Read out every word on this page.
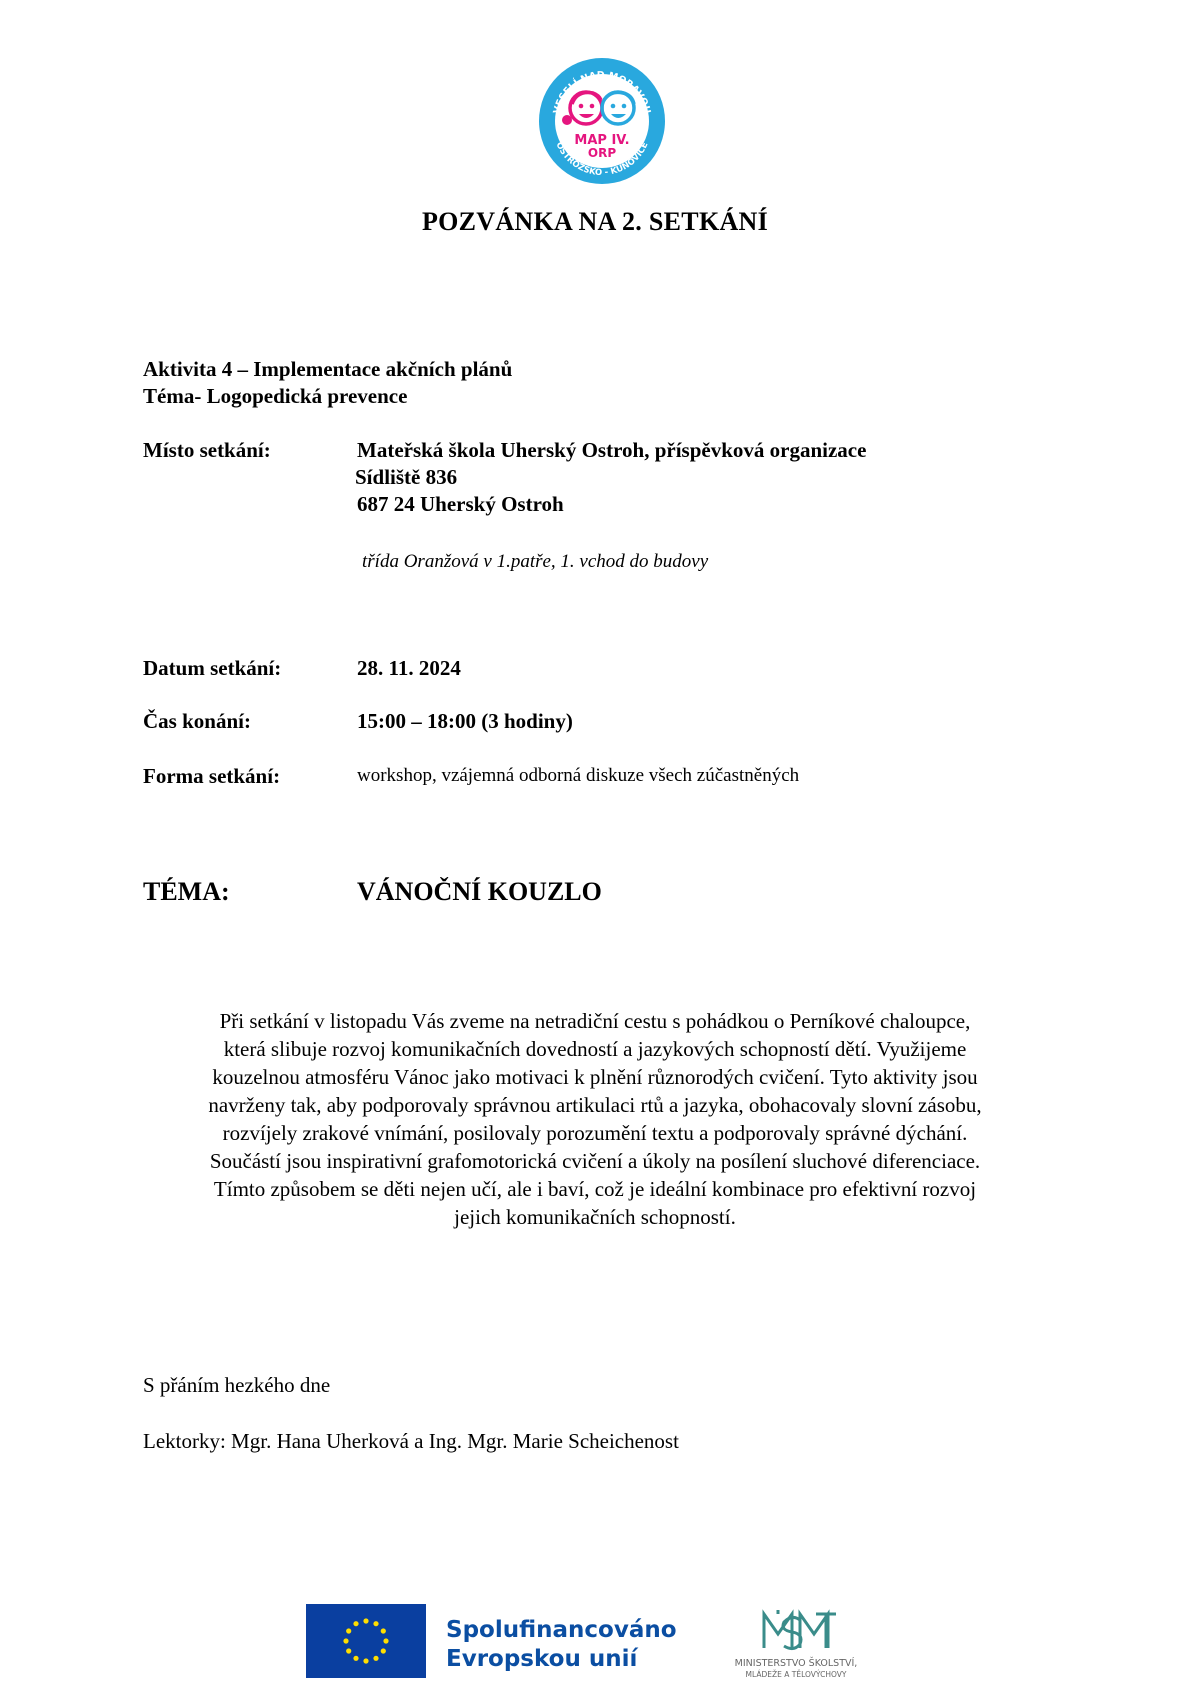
VESELÍ NAD MORAVOU
OSTROŽSKO - KUNOVICE
MAP IV.
ORP
POZVÁNKA NA 2. SETKÁNÍ
Aktivita 4 – Implementace akčních plánů
Téma- Logopedická prevence
Místo setkání:	Mateřská škola Uherský Ostroh, příspěvková organizace
Sídliště 836
687 24 Uherský Ostroh
třída Oranžová v 1.patře, 1. vchod do budovy
Datum setkání:	28. 11. 2024
Čas konání:	15:00 – 18:00 (3 hodiny)
Forma setkání:	workshop, vzájemná odborná diskuze všech zúčastněných
TÉMA:	VÁNOČNÍ KOUZLO
Při setkání v listopadu Vás zveme na netradiční cestu s pohádkou o Perníkové chaloupce,
která slibuje rozvoj komunikačních dovedností a jazykových schopností dětí. Využijeme
kouzelnou atmosféru Vánoc jako motivaci k plnění různorodých cvičení. Tyto aktivity jsou
navrženy tak, aby podporovaly správnou artikulaci rtů a jazyka, obohacovaly slovní zásobu,
rozvíjely zrakové vnímání, posilovaly porozumění textu a podporovaly správné dýchání.
Součástí jsou inspirativní grafomotorická cvičení a úkoly na posílení sluchové diferenciace.
Tímto způsobem se děti nejen učí, ale i baví, což je ideální kombinace pro efektivní rozvoj
jejich komunikačních schopností.
S přáním hezkého dne
Lektorky: Mgr. Hana Uherková a Ing. Mgr. Marie Scheichenost
Spolufinancováno
Evropskou unií	MINISTERSTVO ŠKOLSTVÍ,
MLÁDEŽE A TĚLOVÝCHOVY
